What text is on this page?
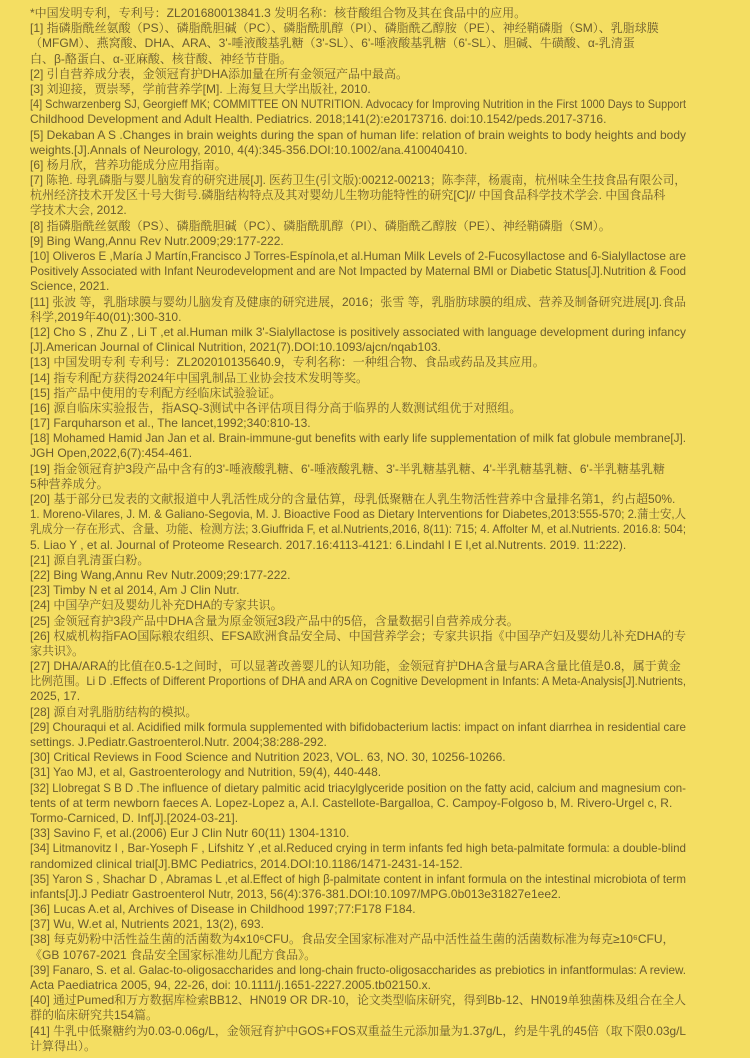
*中国发明专利，专利号：ZL201680013841.3 发明名称：核苷酸组合物及其在食品中的应用。
[1] 指磷脂酰丝氨酸（PS）、磷脂酰胆碱（PC）、磷脂酰肌醇（PI）、磷脂酰乙醇胺（PE）、神经鞘磷脂（SM）、乳脂球膜
（MFGM）、燕窝酸、DHA、ARA、3'-唾液酸基乳糖（3'-SL）、6'-唾液酸基乳糖（6'-SL）、胆碱、牛磺酸、α-乳清蛋
白、β-酪蛋白、α-亚麻酸、核苷酸、神经节苷脂。
[2] 引自营养成分表，金领冠育护DHA添加量在所有金领冠产品中最高。
[3] 刘迎接，贾崇琴，学前营养学[M]. 上海复旦大学出版社, 2010.
[4] Schwarzenberg SJ, Georgieff MK; COMMITTEE ON NUTRITION. Advocacy for Improving Nutrition in the First 1000 Days to Support
Childhood Development and Adult Health. Pediatrics. 2018;141(2):e20173716. doi:10.1542/peds.2017-3716.
[5] Dekaban A S .Changes in brain weights during the span of human life: relation of brain weights to body heights and body
weights.[J].Annals of Neurology, 2010, 4(4):345-356.DOI:10.1002/ana.410040410.
[6] 杨月欣，营养功能成分应用指南。
[7] 陈艳. 母乳磷脂与婴儿脑发育的研究进展[J]. 医药卫生(引文版):00212-00213；陈李萍，杨震南，杭州味全生技食品有限公司，
杭州经济技术开发区十号大街号.磷脂结构特点及其对婴幼儿生物功能特性的研究[C]// 中国食品科学技术学会. 中国食品科
学技术大会, 2012.
[8] 指磷脂酰丝氨酸（PS）、磷脂酰胆碱（PC）、磷脂酰肌醇（PI）、磷脂酰乙醇胺（PE）、神经鞘磷脂（SM）。
[9] Bing Wang,Annu Rev Nutr.2009;29:177-222.
[10] Oliveros E ,María J Martín,Francisco J Torres-Espínola,et al.Human Milk Levels of 2-Fucosyllactose and 6-Sialyllactose are
Positively Associated with Infant Neurodevelopment and are Not Impacted by Maternal BMI or Diabetic Status[J].Nutrition & Food
Science, 2021.
[11] 张波 等，乳脂球膜与婴幼儿脑发育及健康的研究进展，2016；张雪 等，乳脂肪球膜的组成、营养及制备研究进展[J].食品
科学,2019年40(01):300-310.
[12] Cho S , Zhu Z , Li T ,et al.Human milk 3'-Sialyllactose is positively associated with language development during infancy
[J].American Journal of Clinical Nutrition, 2021(7).DOI:10.1093/ajcn/nqab103.
[13] 中国发明专利 专利号：ZL202010135640.9，专利名称：一种组合物、食品或药品及其应用。
[14] 指专利配方获得2024年中国乳制品工业协会技术发明等奖。
[15] 指产品中使用的专利配方经临床试验验证。
[16] 源自临床实验报告，指ASQ-3测试中各评估项目得分高于临界的人数测试组优于对照组。
[17] Farquharson et al., The lancet,1992;340:810-13.
[18] Mohamed Hamid Jan Jan et al. Brain-immune-gut benefits with early life supplementation of milk fat globule membrane[J].
JGH Open,2022,6(7):454-461.
[19] 指金领冠育护3段产品中含有的3'-唾液酸乳糖、6'-唾液酸乳糖、3'-半乳糖基乳糖、4'-半乳糖基乳糖、6'-半乳糖基乳糖
5种营养成分。
[20] 基于部分已发表的文献报道中人乳活性成分的含量估算，母乳低聚糖在人乳生物活性营养中含量排名第1，约占超50%.
1. Moreno-Vilares, J. M. & Galiano-Segovia, M. J. Bioactive Food as Dietary Interventions for Diabetes,2013:555-570; 2.蒲士安,人
乳成分一存在形式、含量、功能、检测方法; 3.Giuffrida F, et al.Nutrients,2016, 8(11): 715; 4. Affolter M, et al.Nutrients. 2016.8: 504;
5. Liao Y , et al. Journal of Proteome Research. 2017.16:4113-4121: 6.Lindahl I E l,et al.Nutrents. 2019. 11:222).
[21] 源自乳清蛋白粉。
[22] Bing Wang,Annu Rev Nutr.2009;29:177-222.
[23] Timby N et al 2014, Am J Clin Nutr.
[24] 中国孕产妇及婴幼儿补充DHA的专家共识。
[25] 金领冠育护3段产品中DHA含量为原金领冠3段产品中的5倍，含量数据引自营养成分表。
[26] 权威机构指FAO国际粮农组织、EFSA欧洲食品安全局、中国营养学会；专家共识指《中国孕产妇及婴幼儿补充DHA的专
家共识》。
[27] DHA/ARA的比值在0.5-1之间时，可以显著改善婴儿的认知功能，金领冠育护DHA含量与ARA含量比值是0.8，属于黄金
比例范围。Li D .Effects of Different Proportions of DHA and ARA on Cognitive Development in Infants: A Meta-Analysis[J].Nutrients,
2025, 17.
[28] 源自对乳脂肪结构的模拟。
[29] Chouraqui et al. Acidified milk formula supplemented with bifidobacterium lactis: impact on infant diarrhea in residential care
settings. J.Pediatr.Gastroenterol.Nutr. 2004;38:288-292.
[30] Critical Reviews in Food Science and Nutrition 2023, VOL. 63, NO. 30, 10256-10266.
[31] Yao MJ, et al, Gastroenterology and Nutrition, 59(4), 440-448.
[32] Llobregat S B D .The influence of dietary palmitic acid triacylglyceride position on the fatty acid, calcium and magnesium con-
tents of at term newborn faeces A. Lopez-Lopez a, A.I. Castellote-Bargalloa, C. Campoy-Folgoso b, M. Rivero-Urgel c, R.
Tormo-Carniced, D. Inf[J].[2024-03-21].
[33] Savino F, et al.(2006) Eur J Clin Nutr 60(11) 1304-1310.
[34] Litmanovitz I , Bar-Yoseph F , Lifshitz Y ,et al.Reduced crying in term infants fed high beta-palmitate formula: a double-blind
randomized clinical trial[J].BMC Pediatrics, 2014.DOI:10.1186/1471-2431-14-152.
[35] Yaron S , Shachar D , Abramas L ,et al.Effect of high β-palmitate content in infant formula on the intestinal microbiota of term
infants[J].J Pediatr Gastroenterol Nutr, 2013, 56(4):376-381.DOI:10.1097/MPG.0b013e31827e1ee2.
[36] Lucas A.et al, Archives of Disease in Childhood 1997;77:F178 F184.
[37] Wu, W.et al, Nutrients 2021, 13(2), 693.
[38] 每克奶粉中活性益生菌的活菌数为4x10⁶CFU。食品安全国家标准对产品中活性益生菌的活菌数标准为每克≥10⁶CFU，
《GB 10767-2021 食品安全国家标准幼儿配方食品》。
[39] Fanaro, S. et al. Galac-to-oligosaccharides and long-chain fructo-oligosaccharides as prebiotics in infantformulas: A review.
Acta Paediatrica 2005, 94, 22-26, doi: 10.1111/j.1651-2227.2005.tb02150.x.
[40] 通过Pumed和万方数据库检索BB12、HN019 OR DR-10，论文类型临床研究，得到Bb-12、HN019单独菌株及组合在全人
群的临床研究共154篇。
[41] 牛乳中低聚糖约为0.03-0.06g/L，金领冠育护中GOS+FOS双重益生元添加量为1.37g/L，约是牛乳的45倍（取下限0.03g/L
计算得出）。
